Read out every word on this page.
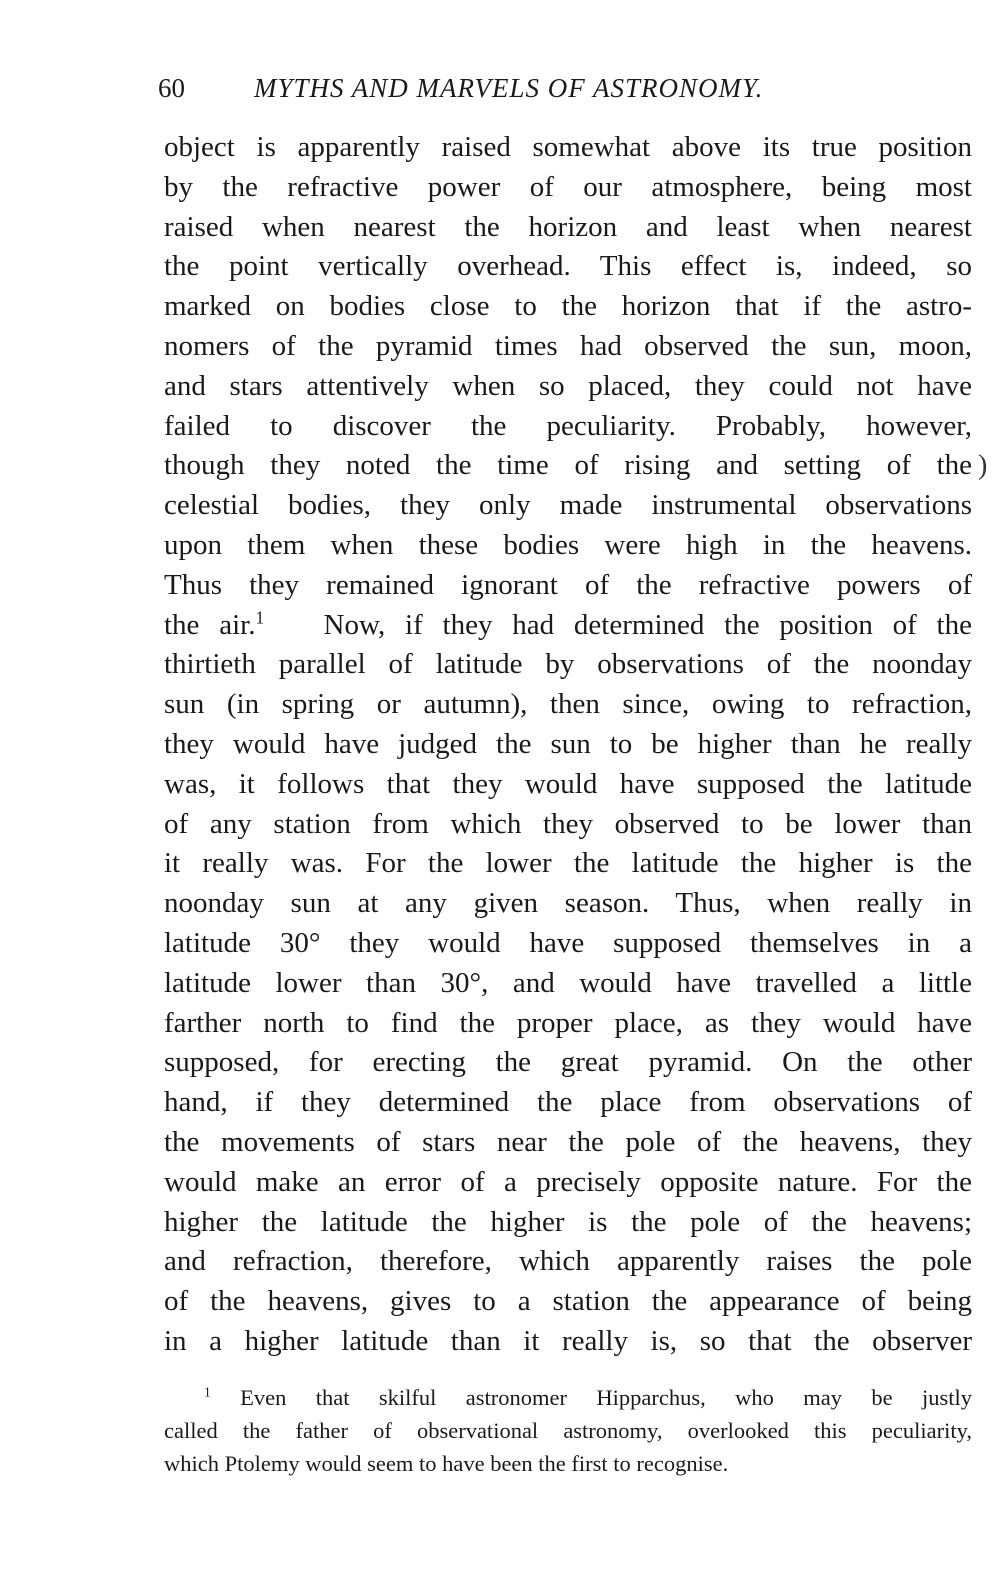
60	MYTHS AND MARVELS OF ASTRONOMY.
object is apparently raised somewhat above its true position
by the refractive power of our atmosphere, being most
raised when nearest the horizon and least when nearest
the point vertically overhead. This effect is, indeed, so
marked on bodies close to the horizon that if the astro-
nomers of the pyramid times had observed the sun, moon,
and stars attentively when so placed, they could not have
failed to discover the peculiarity. Probably, however,
though they noted the time of rising and setting of the
celestial bodies, they only made instrumental observations
upon them when these bodies were high in the heavens.
Thus they remained ignorant of the refractive powers of
the air.$^1$ Now, if they had determined the position of the
thirtieth parallel of latitude by observations of the noonday
sun (in spring or autumn), then since, owing to refraction,
they would have judged the sun to be higher than he really
was, it follows that they would have supposed the latitude
of any station from which they observed to be lower than
it really was. For the lower the latitude the higher is the
noonday sun at any given season. Thus, when really in
latitude 30° they would have supposed themselves in a
latitude lower than 30°, and would have travelled a little
farther north to find the proper place, as they would have
supposed, for erecting the great pyramid. On the other
hand, if they determined the place from observations of
the movements of stars near the pole of the heavens, they
would make an error of a precisely opposite nature. For the
higher the latitude the higher is the pole of the heavens;
and refraction, therefore, which apparently raises the pole
of the heavens, gives to a station the appearance of being
in a higher latitude than it really is, so that the observer
)
$^1$ Even that skilful astronomer Hipparchus, who may be justly
called the father of observational astronomy, overlooked this peculiarity,
which Ptolemy would seem to have been the first to recognise.
